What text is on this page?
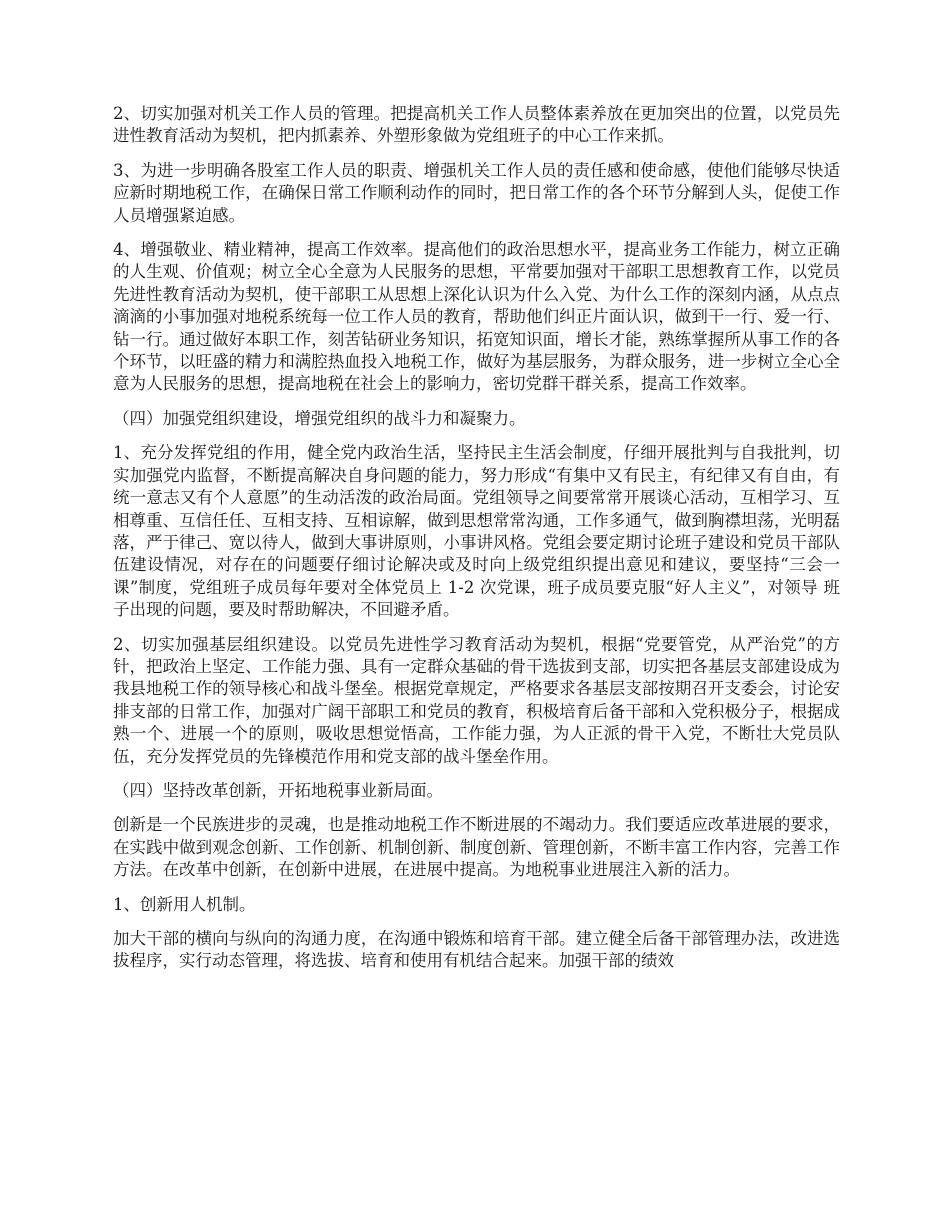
2、切实加强对机关工作人员的管理。把提高机关工作人员整体素养放在更加突出的位置，以党员先进性教育活动为契机，把内抓素养、外塑形象做为党组班子的中心工作来抓。

3、为进一步明确各股室工作人员的职责、增强机关工作人员的责任感和使命感，使他们能够尽快适应新时期地税工作，在确保日常工作顺利动作的同时，把日常工作的各个环节分解到人头，促使工作人员增强紧迫感。

4、增强敬业、精业精神，提高工作效率。提高他们的政治思想水平，提高业务工作能力，树立正确的人生观、价值观；树立全心全意为人民服务的思想，平常要加强对干部职工思想教育工作，以党员先进性教育活动为契机，使干部职工从思想上深化认识为什么入党、为什么工作的深刻内涵，从点点滴滴的小事加强对地税系统每一位工作人员的教育，帮助他们纠正片面认识，做到干一行、爱一行、钻一行。通过做好本职工作，刻苦钻研业务知识，拓宽知识面，增长才能，熟练掌握所从事工作的各个环节，以旺盛的精力和满腔热血投入地税工作，做好为基层服务，为群众服务，进一步树立全心全意为人民服务的思想，提高地税在社会上的影响力，密切党群干群关系，提高工作效率。

（四）加强党组织建设，增强党组织的战斗力和凝聚力。

1、充分发挥党组的作用，健全党内政治生活，坚持民主生活会制度，仔细开展批判与自我批判，切实加强党内监督，不断提高解决自身问题的能力，努力形成“有集中又有民主，有纪律又有自由，有统一意志又有个人意愿”的生动活泼的政治局面。党组领导之间要常常开展谈心活动，互相学习、互相尊重、互信任任、互相支持、互相谅解，做到思想常常沟通，工作多通气，做到胸襟坦荡，光明磊落，严于律己、宽以待人，做到大事讲原则，小事讲风格。党组会要定期讨论班子建设和党员干部队伍建设情况，对存在的问题要仔细讨论解决或及时向上级党组织提出意见和建议，要坚持“三会一课”制度，党组班子成员每年要对全体党员上 1-2 次党课，班子成员要克服“好人主义”，对领导 班子出现的问题，要及时帮助解决，不回避矛盾。

2、切实加强基层组织建设。以党员先进性学习教育活动为契机，根据“党要管党，从严治党”的方针，把政治上坚定、工作能力强、具有一定群众基础的骨干选拔到支部，切实把各基层支部建设成为我县地税工作的领导核心和战斗堡垒。根据党章规定，严格要求各基层支部按期召开支委会，讨论安排支部的日常工作，加强对广阔干部职工和党员的教育，积极培育后备干部和入党积极分子，根据成熟一个、进展一个的原则，吸收思想觉悟高，工作能力强，为人正派的骨干入党，不断壮大党员队伍，充分发挥党员的先锋模范作用和党支部的战斗堡垒作用。

（四）坚持改革创新，开拓地税事业新局面。

创新是一个民族进步的灵魂，也是推动地税工作不断进展的不竭动力。我们要适应改革进展的要求，在实践中做到观念创新、工作创新、机制创新、制度创新、管理创新，不断丰富工作内容，完善工作方法。在改革中创新，在创新中进展，在进展中提高。为地税事业进展注入新的活力。

1、创新用人机制。

加大干部的横向与纵向的沟通力度，在沟通中锻炼和培育干部。建立健全后备干部管理办法，改进选拔程序，实行动态管理，将选拔、培育和使用有机结合起来。加强干部的绩效
